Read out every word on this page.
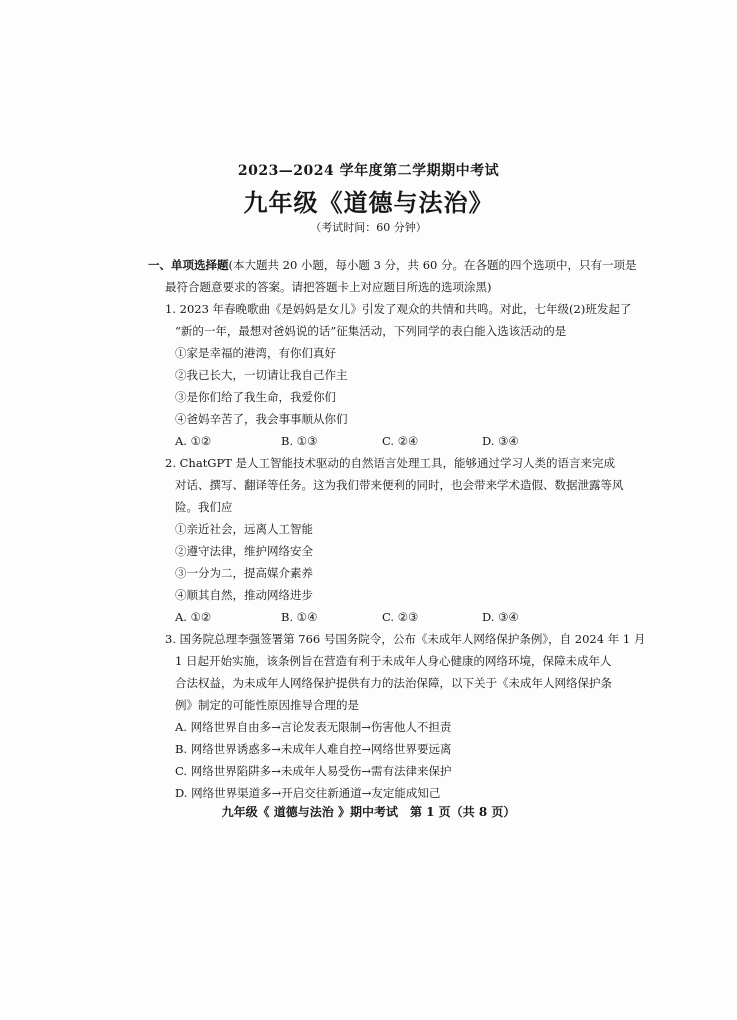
2023—2024 学年度第二学期期中考试
九年级《道德与法治》
（考试时间：60 分钟）
一、单项选择题(本大题共 20 小题，每小题 3 分，共 60 分。在各题的四个选项中，只有一项是
最符合题意要求的答案。请把答题卡上对应题目所选的选项涂黑)
1. 2023 年春晚歌曲《是妈妈是女儿》引发了观众的共情和共鸣。对此，七年级(2)班发起了
“新的一年，最想对爸妈说的话”征集活动，下列同学的表白能入选该活动的是
①家是幸福的港湾，有你们真好
②我已长大，一切请让我自己作主
③是你们给了我生命，我爱你们
④爸妈辛苦了，我会事事顺从你们
A. ①②	B. ①③	C. ②④	D. ③④
2. ChatGPT 是人工智能技术驱动的自然语言处理工具，能够通过学习人类的语言来完成
对话、撰写、翻译等任务。这为我们带来便利的同时，也会带来学术造假、数据泄露等风
险。我们应
①亲近社会，远离人工智能
②遵守法律，维护网络安全
③一分为二，提高媒介素养
④顺其自然，推动网络进步
A. ①②	B. ①④	C. ②③	D. ③④
3. 国务院总理李强签署第 766 号国务院令，公布《未成年人网络保护条例》，自 2024 年 1 月
1 日起开始实施，该条例旨在营造有利于未成年人身心健康的网络环境，保障未成年人
合法权益，为未成年人网络保护提供有力的法治保障，以下关于《未成年人网络保护条
例》制定的可能性原因推导合理的是
A. 网络世界自由多→言论发表无限制→伤害他人不担责
B. 网络世界诱惑多→未成年人难自控→网络世界要远离
C. 网络世界陷阱多→未成年人易受伤→需有法律来保护
D. 网络世界渠道多→开启交往新通道→友定能成知己
九年级《 道德与法治 》期中考试　第 1 页（共 8 页）
